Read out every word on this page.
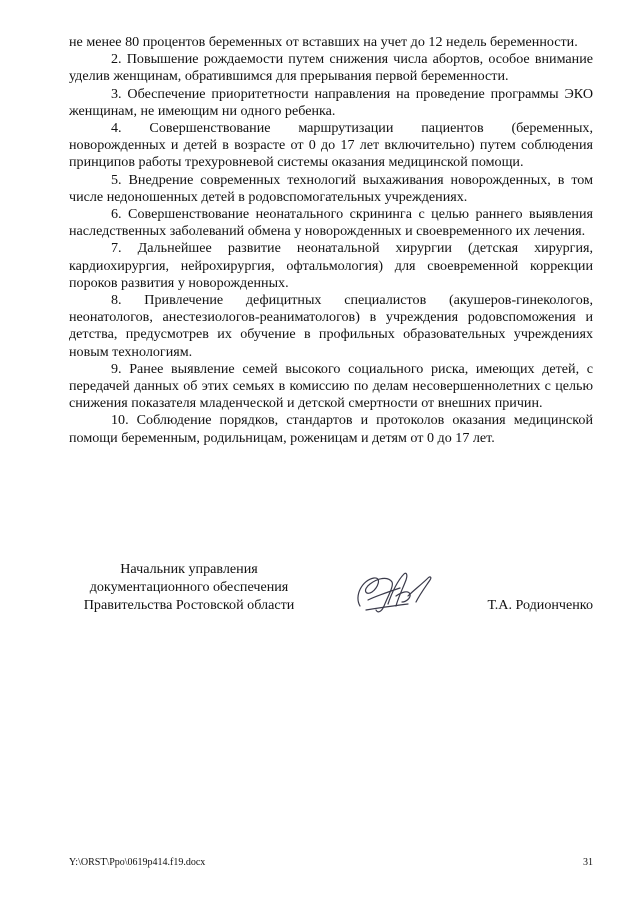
не менее 80 процентов беременных от вставших на учет до 12 недель беременности.

2. Повышение рождаемости путем снижения числа абортов, особое внимание уделив женщинам, обратившимся для прерывания первой беременности.

3. Обеспечение приоритетности направления на проведение программы ЭКО женщинам, не имеющим ни одного ребенка.

4. Совершенствование маршрутизации пациентов (беременных, новорожденных и детей в возрасте от 0 до 17 лет включительно) путем соблюдения принципов работы трехуровневой системы оказания медицинской помощи.

5. Внедрение современных технологий выхаживания новорожденных, в том числе недоношенных детей в родовспомогательных учреждениях.

6. Совершенствование неонатального скрининга с целью раннего выявления наследственных заболеваний обмена у новорожденных и своевременного их лечения.

7. Дальнейшее развитие неонатальной хирургии (детская хирургия, кардиохирургия, нейрохирургия, офтальмология) для своевременной коррекции пороков развития у новорожденных.

8. Привлечение дефицитных специалистов (акушеров-гинекологов, неонатологов, анестезиологов-реаниматологов) в учреждения родовспоможения и детства, предусмотрев их обучение в профильных образовательных учреждениях новым технологиям.

9. Ранее выявление семей высокого социального риска, имеющих детей, с передачей данных об этих семьях в комиссию по делам несовершеннолетних с целью снижения показателя младенческой и детской смертности от внешних причин.

10. Соблюдение порядков, стандартов и протоколов оказания медицинской помощи беременным, родильницам, роженицам и детям от 0 до 17 лет.

Начальник управления
документационного обеспечения
Правительства Ростовской области	Т.А. Родионченко
Y:\ORST\Ppo\0619p414.f19.docx	31
